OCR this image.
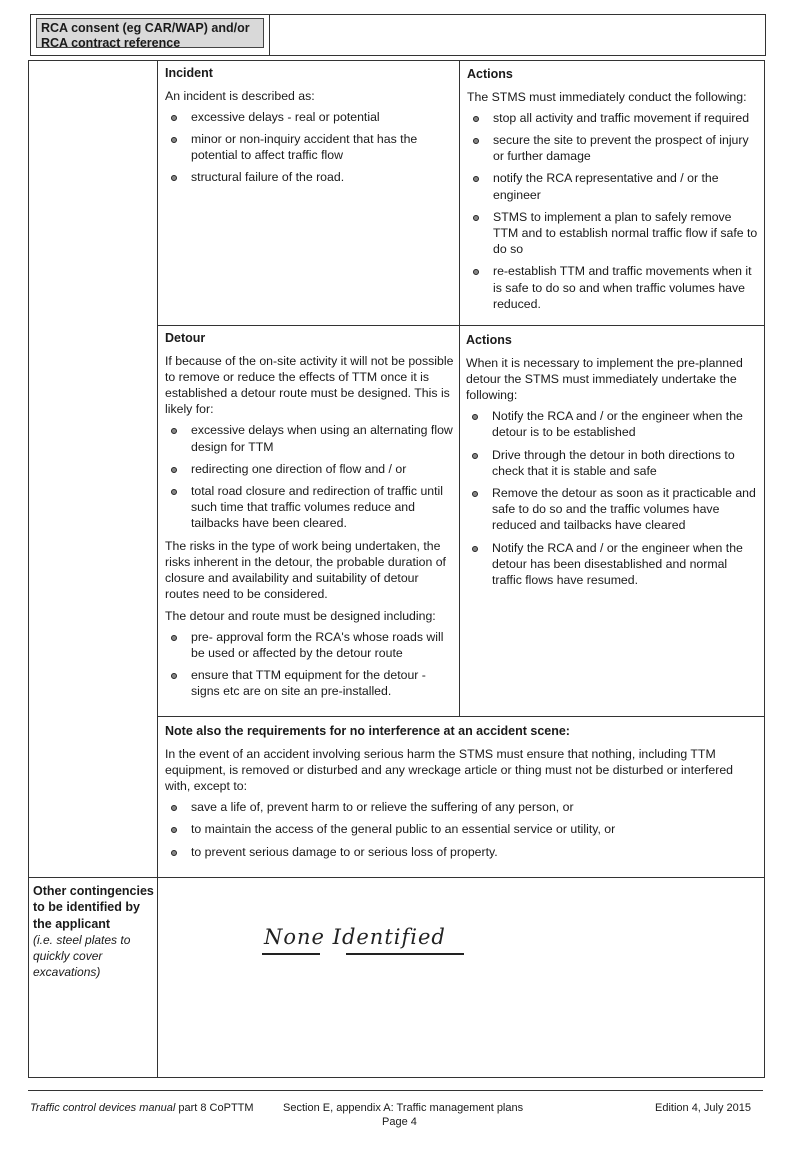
RCA consent (eg CAR/WAP) and/or RCA contract reference
Incident

An incident is described as:

excessive delays - real or potential
minor or non-inquiry accident that has the potential to affect traffic flow
structural failure of the road.
Actions

The STMS must immediately conduct the following:

stop all activity and traffic movement if required
secure the site to prevent the prospect of injury or further damage
notify the RCA representative and / or the engineer
STMS to implement a plan to safely remove TTM and to establish normal traffic flow if safe to do so
re-establish TTM and traffic movements when it is safe to do so and when traffic volumes have reduced.
Detour

If because of the on-site activity it will not be possible to remove or reduce the effects of TTM once it is established a detour route must be designed. This is likely for:

excessive delays when using an alternating flow design for TTM
redirecting one direction of flow and / or
total road closure and redirection of traffic until such time that traffic volumes reduce and tailbacks have been cleared.

The risks in the type of work being undertaken, the risks inherent in the detour, the probable duration of closure and availability and suitability of detour routes need to be considered.

The detour and route must be designed including:

pre- approval form the RCA's whose roads will be used or affected by the detour route
ensure that TTM equipment for the detour - signs etc are on site an pre-installed.
Actions

When it is necessary to implement the pre-planned detour the STMS must immediately undertake the following:

Notify the RCA and / or the engineer when the detour is to be established
Drive through the detour in both directions to check that it is stable and safe
Remove the detour as soon as it practicable and safe to do so and the traffic volumes have reduced and tailbacks have cleared
Notify the RCA and / or the engineer when the detour has been disestablished and normal traffic flows have resumed.
Note also the requirements for no interference at an accident scene:

In the event of an accident involving serious harm the STMS must ensure that nothing, including TTM equipment, is removed or disturbed and any wreckage article or thing must not be disturbed or interfered with, except to:

save a life of, prevent harm to or relieve the suffering of any person, or
to maintain the access of the general public to an essential service or utility, or
to prevent serious damage to or serious loss of property.
Other contingencies to be identified by the applicant
(i.e. steel plates to quickly cover excavations)
None Identified
Traffic control devices manual part 8 CoPTTM	Section E, appendix A: Traffic management plans
Page 4
Edition 4, July 2015
